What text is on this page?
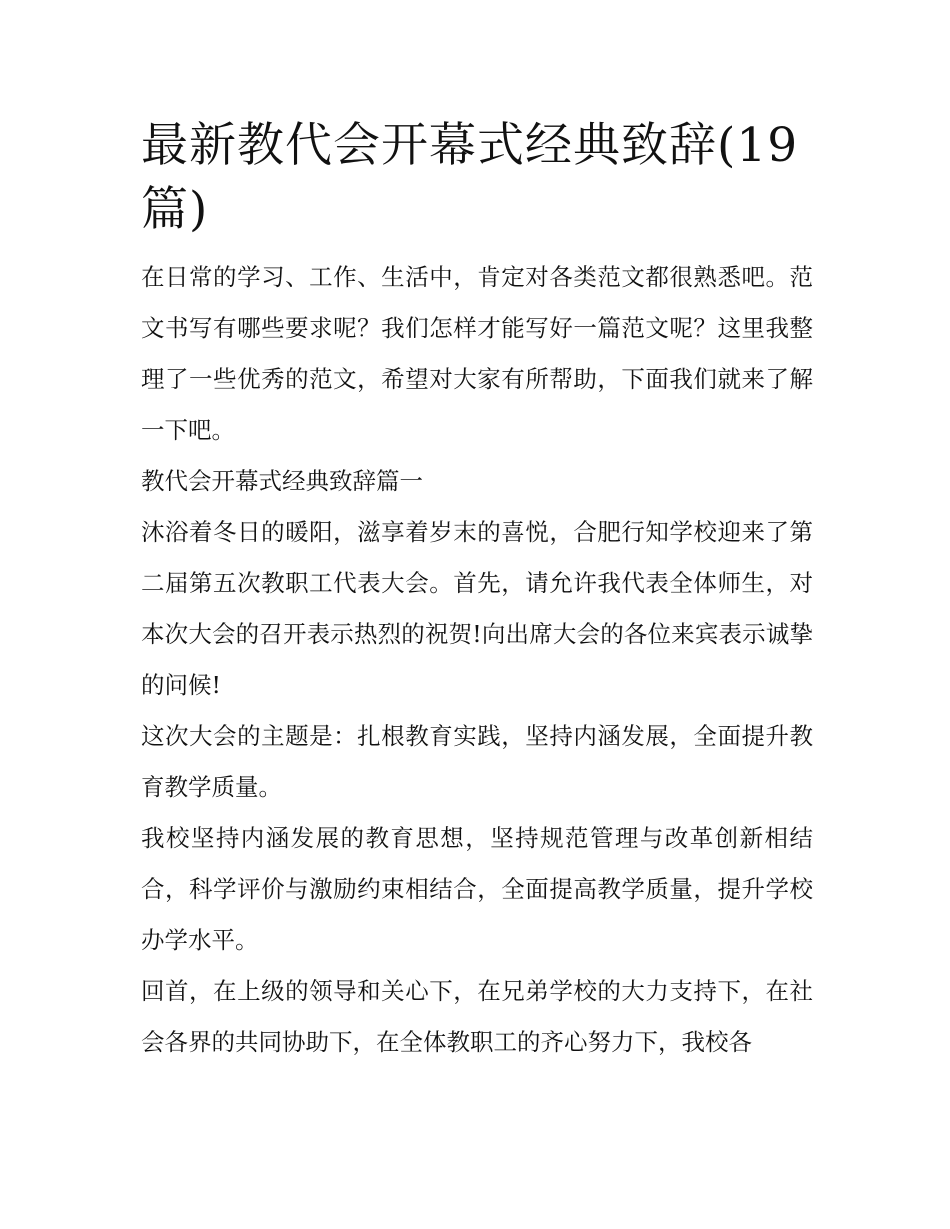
最新教代会开幕式经典致辞(19篇)

在日常的学习、工作、生活中，肯定对各类范文都很熟悉吧。范文书写有哪些要求呢？我们怎样才能写好一篇范文呢？这里我整理了一些优秀的范文，希望对大家有所帮助，下面我们就来了解一下吧。

教代会开幕式经典致辞篇一

沐浴着冬日的暖阳，滋享着岁末的喜悦，合肥行知学校迎来了第二届第五次教职工代表大会。首先，请允许我代表全体师生，对本次大会的召开表示热烈的祝贺!向出席大会的各位来宾表示诚挚的问候!

这次大会的主题是：扎根教育实践，坚持内涵发展，全面提升教育教学质量。

我校坚持内涵发展的教育思想，坚持规范管理与改革创新相结合，科学评价与激励约束相结合，全面提高教学质量，提升学校办学水平。

回首，在上级的领导和关心下，在兄弟学校的大力支持下，在社会各界的共同协助下，在全体教职工的齐心努力下，我校各
